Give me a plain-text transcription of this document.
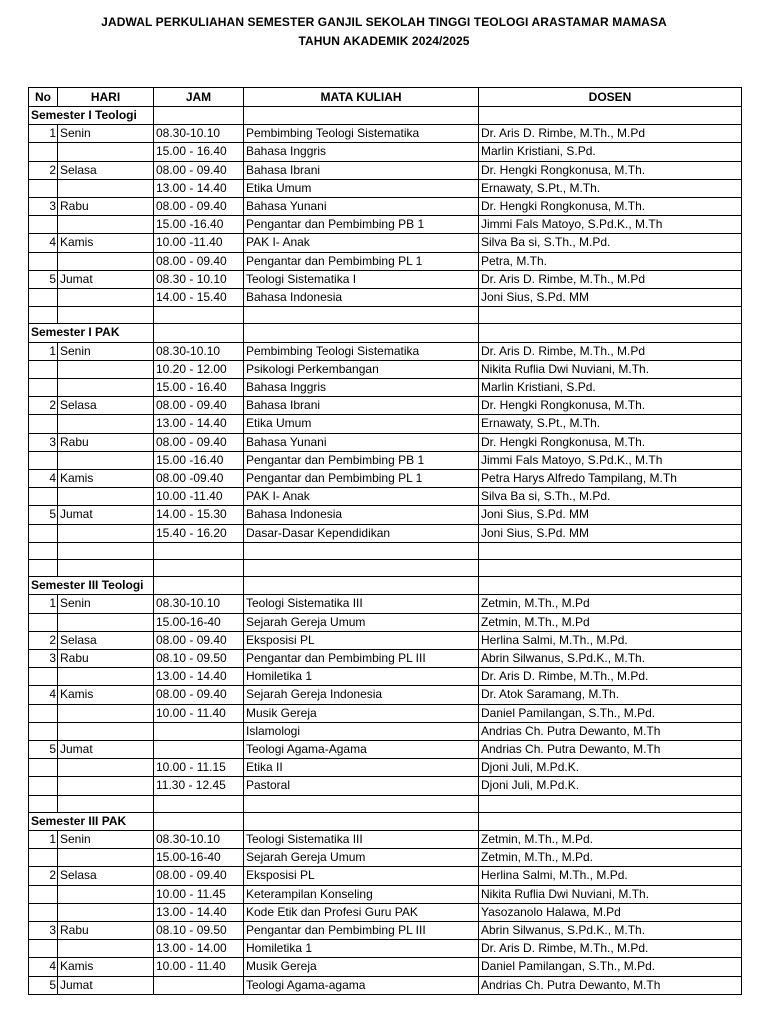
JADWAL PERKULIAHAN SEMESTER GANJIL SEKOLAH TINGGI TEOLOGI ARASTAMAR MAMASA
TAHUN AKADEMIK 2024/2025
No	HARI	JAM	MATA KULIAH	DOSEN
Semester I Teologi				
1	Senin	08.30-10.10	Pembimbing Teologi Sistematika	Dr. Aris D. Rimbe, M.Th., M.Pd
		15.00 - 16.40	Bahasa Inggris	Marlin Kristiani, S.Pd.
2	Selasa	08.00 - 09.40	Bahasa Ibrani	Dr. Hengki Rongkonusa, M.Th.
		13.00 - 14.40	Etika Umum	Ernawaty, S.Pt., M.Th.
3	Rabu	08.00 - 09.40	Bahasa Yunani	Dr. Hengki Rongkonusa, M.Th.
		15.00 -16.40	Pengantar dan Pembimbing PB 1	Jimmi Fals Matoyo, S.Pd.K., M.Th
4	Kamis	10.00 -11.40	PAK I- Anak	Silva Ba si, S.Th., M.Pd.
		08.00 - 09.40	Pengantar dan Pembimbing PL 1	Petra, M.Th.
5	Jumat	08.30 - 10.10	Teologi Sistematika I	Dr. Aris D. Rimbe, M.Th., M.Pd
		14.00 - 15.40	Bahasa Indonesia	Joni Sius, S.Pd. MM

Semester I PAK				
1	Senin	08.30-10.10	Pembimbing Teologi Sistematika	Dr. Aris D. Rimbe, M.Th., M.Pd
		10.20 - 12.00	Psikologi Perkembangan	Nikita Ruflia Dwi Nuviani, M.Th.
		15.00 - 16.40	Bahasa Inggris	Marlin Kristiani, S.Pd.
2	Selasa	08.00 - 09.40	Bahasa Ibrani	Dr. Hengki Rongkonusa, M.Th.
		13.00 - 14.40	Etika Umum	Ernawaty, S.Pt., M.Th.
3	Rabu	08.00 - 09.40	Bahasa Yunani	Dr. Hengki Rongkonusa, M.Th.
		15.00 -16.40	Pengantar dan Pembimbing PB 1	Jimmi Fals Matoyo, S.Pd.K., M.Th
4	Kamis	08.00 -09.40	Pengantar dan Pembimbing PL 1	Petra Harys Alfredo Tampilang, M.Th
		10.00 -11.40	PAK I- Anak	Silva Ba si, S.Th., M.Pd.
5	Jumat	14.00 - 15.30	Bahasa Indonesia	Joni Sius, S.Pd. MM
		15.40 - 16.20	Dasar-Dasar Kependidikan	Joni Sius, S.Pd. MM

Semester III Teologi				
1	Senin	08.30-10.10	Teologi Sistematika III	Zetmin, M.Th., M.Pd
		15.00-16-40	Sejarah Gereja Umum	Zetmin, M.Th., M.Pd
2	Selasa	08.00 - 09.40	Eksposisi PL	Herlina Salmi, M.Th., M.Pd.
3	Rabu	08.10 - 09.50	Pengantar dan Pembimbing PL III	Abrin Silwanus, S.Pd.K., M.Th.
		13.00 - 14.40	Homiletika 1	Dr. Aris D. Rimbe, M.Th., M.Pd.
4	Kamis	08.00 - 09.40	Sejarah Gereja Indonesia	Dr. Atok Saramang, M.Th.
		10.00 - 11.40	Musik Gereja	Daniel Pamilangan, S.Th., M.Pd.
			Islamologi	Andrias Ch. Putra Dewanto, M.Th
5	Jumat		Teologi Agama-Agama	Andrias Ch. Putra Dewanto, M.Th
		10.00 - 11.15	Etika II	Djoni Juli, M.Pd.K.
		11.30 - 12.45	Pastoral	Djoni Juli, M.Pd.K.

Semester III PAK				
1	Senin	08.30-10.10	Teologi Sistematika III	Zetmin, M.Th., M.Pd.
		15.00-16-40	Sejarah Gereja Umum	Zetmin, M.Th., M.Pd.
2	Selasa	08.00 - 09.40	Eksposisi PL	Herlina Salmi, M.Th., M.Pd.
		10.00 - 11.45	Keterampilan Konseling	Nikita Ruflia Dwi Nuviani, M.Th.
		13.00 - 14.40	Kode Etik dan Profesi Guru PAK	Yasozanolo Halawa, M.Pd
3	Rabu	08.10 - 09.50	Pengantar dan Pembimbing PL III	Abrin Silwanus, S.Pd.K., M.Th.
		13.00 - 14.00	Homiletika 1	Dr. Aris D. Rimbe, M.Th., M.Pd.
4	Kamis	10.00 - 11.40	Musik Gereja	Daniel Pamilangan, S.Th., M.Pd.
5	Jumat		Teologi Agama-agama	Andrias Ch. Putra Dewanto, M.Th
